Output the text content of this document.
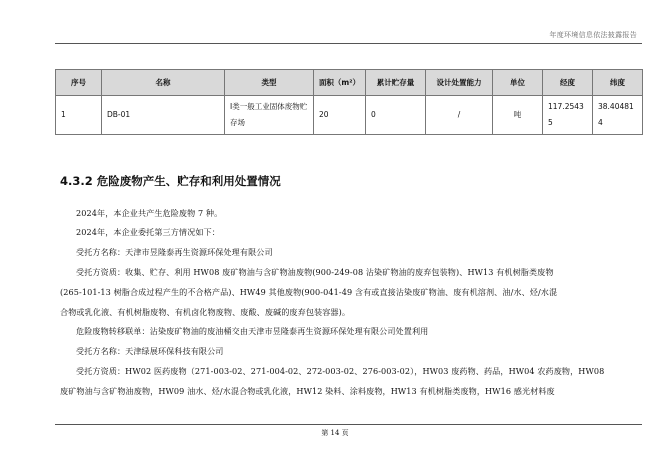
年度环境信息依法披露报告
序号	名称	类型	面积（m²）	累计贮存量	设计处置能力	单位	经度	纬度
1	DB-01	Ⅰ类一般工业固体废物贮存场	20	0	/	吨	117.25435	38.404814
4.3.2 危险废物产生、贮存和利用处置情况
2024年，本企业共产生危险废物 7 种。
2024年，本企业委托第三方情况如下：
受托方名称：天津市昱隆泰再生资源环保处理有限公司
受托方资质：收集、贮存、利用 HW08 废矿物油与含矿物油废物(900-249-08 沾染矿物油的废弃包装物)、HW13 有机树脂类废物
(265-101-13 树脂合成过程产生的不合格产品)、HW49 其他废物(900-041-49 含有或直接沾染废矿物油、废有机溶剂、油/水、烃/水混
合物或乳化液、有机树脂废物、有机卤化物废物、废酸、废碱的废弃包装容器)。
危险废物转移联单：沾染废矿物油的废油桶交由天津市昱隆泰再生资源环保处理有限公司处置利用
受托方名称：天津绿展环保科技有限公司
受托方资质：HW02 医药废物（271-003-02、271-004-02、272-003-02、276-003-02），HW03 废药物、药品，HW04 农药废物，HW08
废矿物油与含矿物油废物，HW09 油水、烃/水混合物或乳化液，HW12 染料、涂料废物，HW13 有机树脂类废物，HW16 感光材料废
第 14 页
